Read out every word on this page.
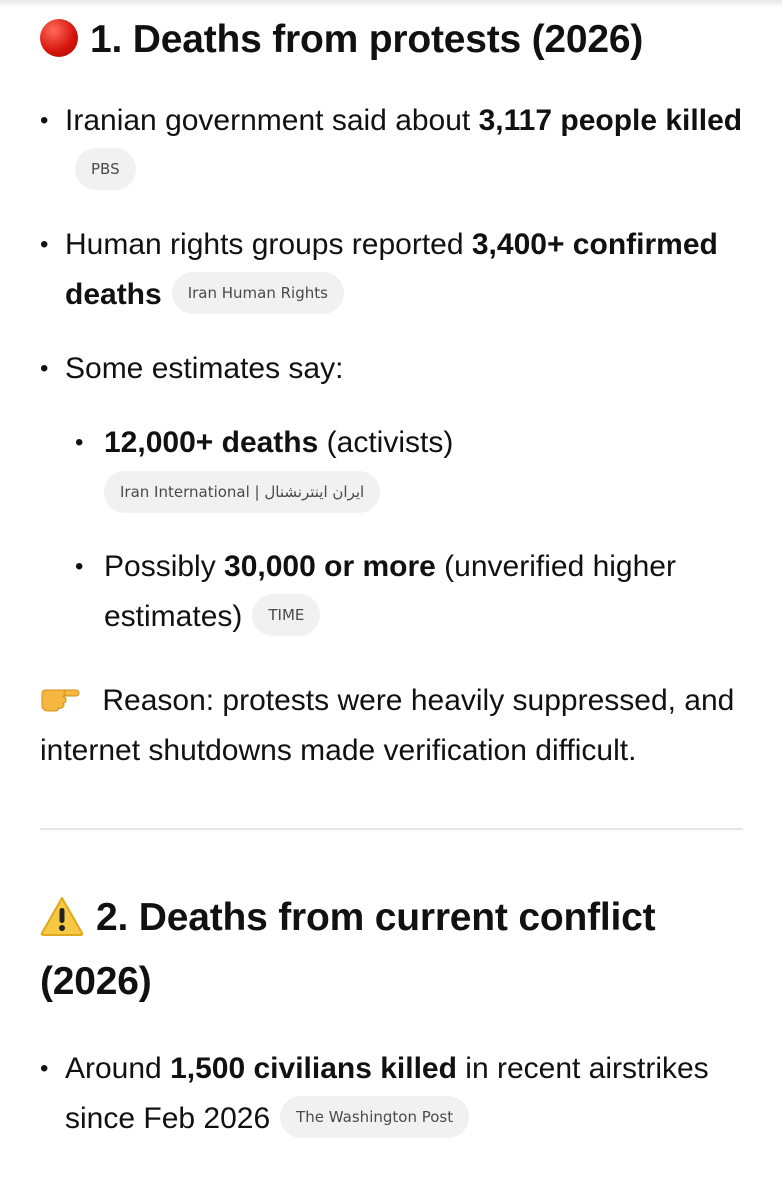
1. Deaths from protests (2026)
• Iranian government said about 3,117 people killedPBS
• Human rights groups reported 3,400+ confirmed deaths Iran Human Rights
• Some estimates say:
• 12,000+ deaths (activists)
Iran International | ایران اینترنشنال
• Possibly 30,000 or more (unverified higher estimates) TIME
Reason: protests were heavily suppressed, and internet shutdowns made verification difficult.
2. Deaths from current conflict (2026)
• Around 1,500 civilians killed in recent airstrikes since Feb 2026 The Washington Post
